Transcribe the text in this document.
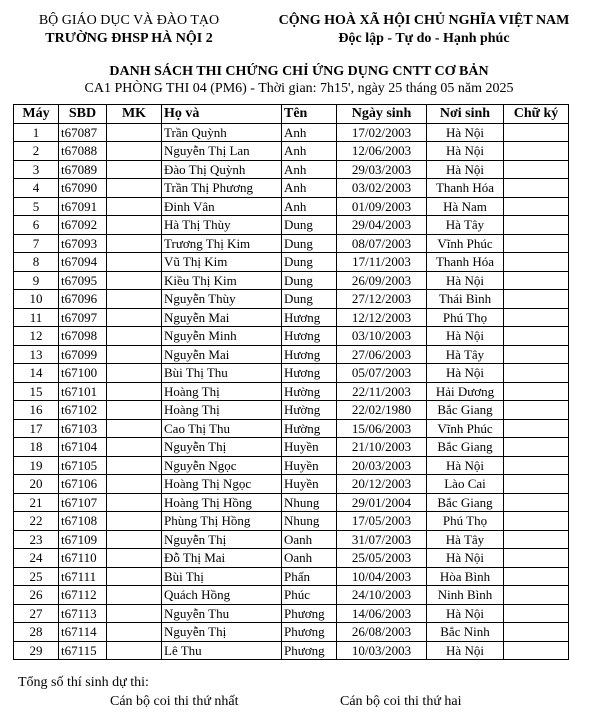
BỘ GIÁO DỤC VÀ ĐÀO TẠO
TRƯỜNG ĐHSP HÀ NỘI 2
CỘNG HOÀ XÃ HỘI CHỦ NGHĨA VIỆT NAM
Độc lập - Tự do - Hạnh phúc
DANH SÁCH THI CHỨNG CHỈ ỨNG DỤNG CNTT CƠ BẢN
CA1 PHÒNG THI 04 (PM6) - Thời gian: 7h15', ngày 25 tháng 05 năm 2025
Máy	SBD	MK	Họ và	Tên	Ngày sinh	Nơi sinh	Chữ ký
1	t67087		Trần Quỳnh	Anh	17/02/2003	Hà Nội	
2	t67088		Nguyễn Thị Lan	Anh	12/06/2003	Hà Nội	
3	t67089		Đào Thị Quỳnh	Anh	29/03/2003	Hà Nội	
4	t67090		Trần Thị Phương	Anh	03/02/2003	Thanh Hóa	
5	t67091		Đinh Vân	Anh	01/09/2003	Hà Nam	
6	t67092		Hà Thị Thùy	Dung	29/04/2003	Hà Tây	
7	t67093		Trương Thị Kim	Dung	08/07/2003	Vĩnh Phúc	
8	t67094		Vũ Thị Kim	Dung	17/11/2003	Thanh Hóa	
9	t67095		Kiều Thị Kim	Dung	26/09/2003	Hà Nội	
10	t67096		Nguyễn Thùy	Dung	27/12/2003	Thái Bình	
11	t67097		Nguyễn Mai	Hương	12/12/2003	Phú Thọ	
12	t67098		Nguyễn Minh	Hương	03/10/2003	Hà Nội	
13	t67099		Nguyễn Mai	Hương	27/06/2003	Hà Tây	
14	t67100		Bùi Thị Thu	Hương	05/07/2003	Hà Nội	
15	t67101		Hoàng Thị	Hường	22/11/2003	Hải Dương	
16	t67102		Hoàng Thị	Hường	22/02/1980	Bắc Giang	
17	t67103		Cao Thị Thu	Hường	15/06/2003	Vĩnh Phúc	
18	t67104		Nguyễn Thị	Huyền	21/10/2003	Bắc Giang	
19	t67105		Nguyễn Ngọc	Huyền	20/03/2003	Hà Nội	
20	t67106		Hoàng Thị Ngọc	Huyền	20/12/2003	Lào Cai	
21	t67107		Hoàng Thị Hồng	Nhung	29/01/2004	Bắc Giang	
22	t67108		Phùng Thị Hồng	Nhung	17/05/2003	Phú Thọ	
23	t67109		Nguyễn Thị	Oanh	31/07/2003	Hà Tây	
24	t67110		Đỗ Thị Mai	Oanh	25/05/2003	Hà Nội	
25	t67111		Bùi Thị	Phấn	10/04/2003	Hòa Bình	
26	t67112		Quách Hồng	Phúc	24/10/2003	Ninh Bình	
27	t67113		Nguyễn Thu	Phương	14/06/2003	Hà Nội	
28	t67114		Nguyễn Thị	Phương	26/08/2003	Bắc Ninh	
29	t67115		Lê Thu	Phương	10/03/2003	Hà Nội	
Tổng số thí sinh dự thi:
Cán bộ coi thi thứ nhất	Cán bộ coi thi thứ hai
